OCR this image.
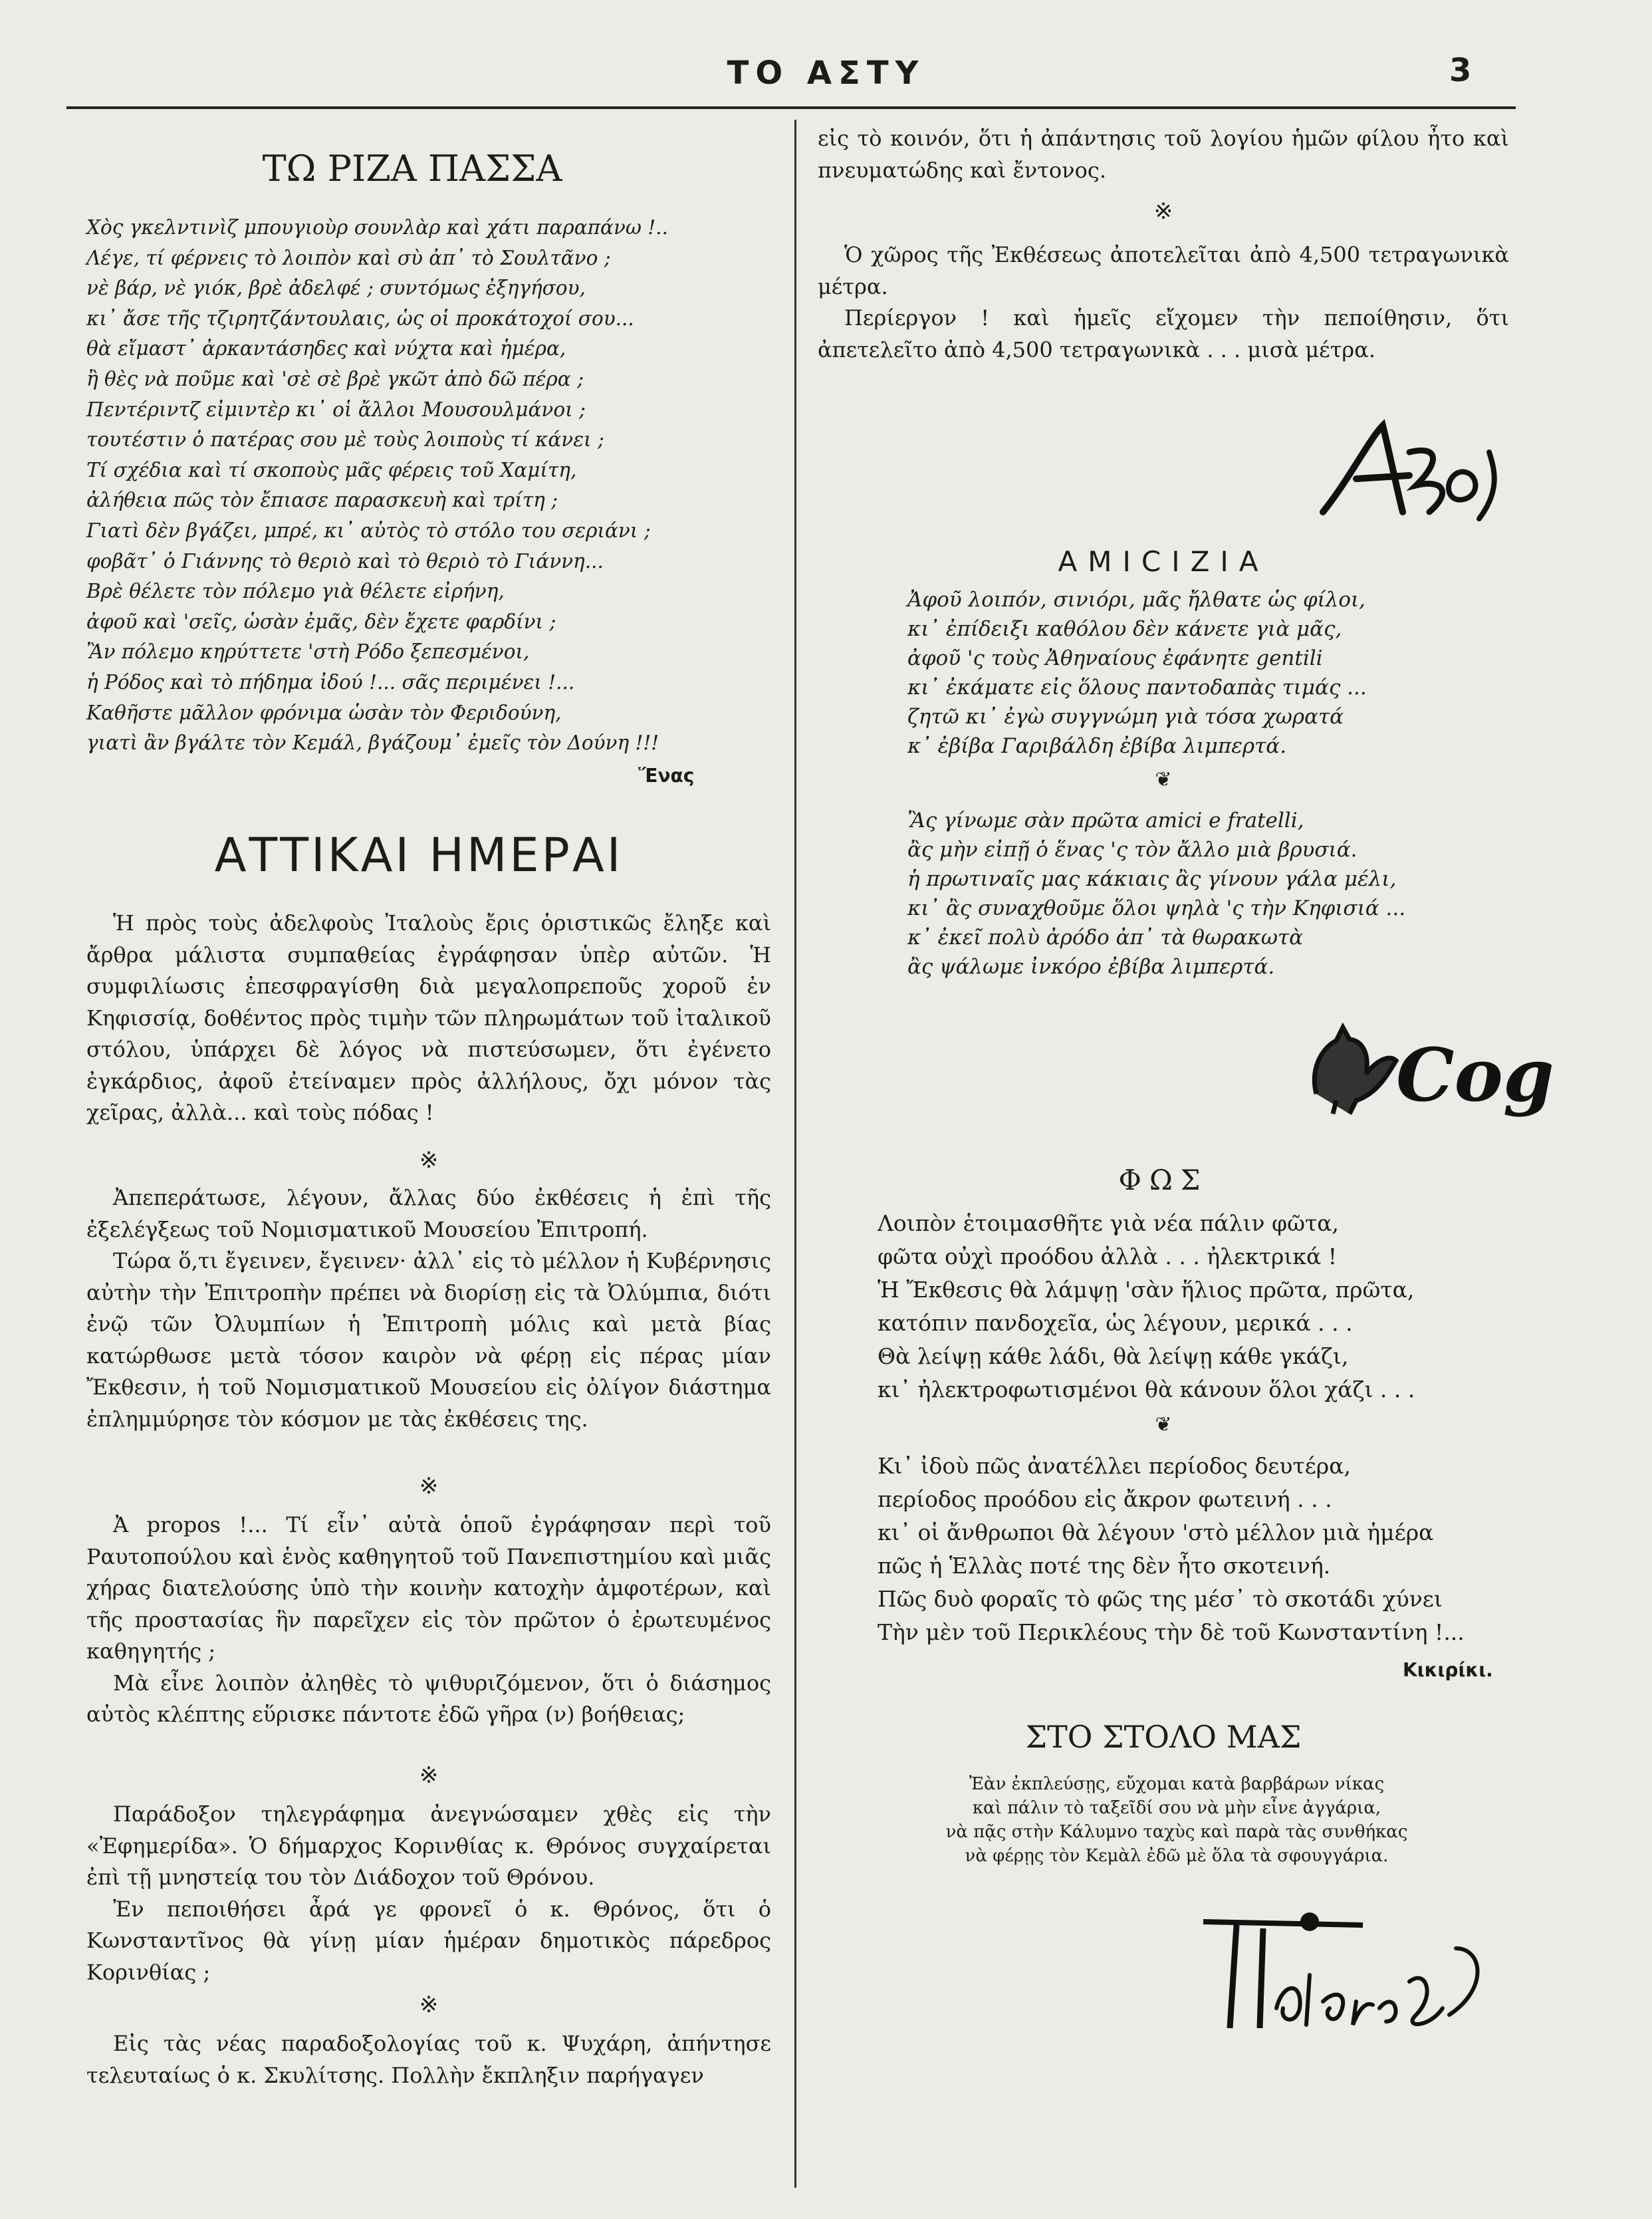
ΤΟ ΑΣΤΥ	3
ΤΩ ΡΙΖΑ ΠΑΣΣΑ
Χὸς γκελντινὶζ μπουγιοὺρ σουνλὰρ καὶ χάτι παραπάνω !..
Λέγε, τί φέρνεις τὸ λοιπὸν καὶ σὺ ἀπ᾽ τὸ Σουλτᾶνο ;
νὲ βάρ, νὲ γιόκ, βρὲ ἀδελφέ ; συντόμως ἐξηγήσου,
κι᾽ ἄσε τῆς τζιρητζάντουλαις, ὡς οἱ προκάτοχοί σου...
θὰ εἴμαστ᾽ ἀρκαντάσηδες καὶ νύχτα καὶ ἡμέρα,
ἢ θὲς νὰ ποῦμε καὶ 'σὲ σὲ βρὲ γκῶτ ἀπὸ δῶ πέρα ;
Πεντέριντζ εἰμιντὲρ κι᾽ οἱ ἄλλοι Μουσουλμάνοι ;
τουτέστιν ὁ πατέρας σου μὲ τοὺς λοιποὺς τί κάνει ;
Τί σχέδια καὶ τί σκοποὺς μᾶς φέρεις τοῦ Χαμίτη,
ἀλήθεια πῶς τὸν ἔπιασε παρασκευὴ καὶ τρίτη ;
Γιατὶ δὲν βγάζει, μπρέ, κι᾽ αὐτὸς τὸ στόλο του σεριάνι ;
φοβᾶτ᾽ ὁ Γιάννης τὸ θεριὸ καὶ τὸ θεριὸ τὸ Γιάννη...
Βρὲ θέλετε τὸν πόλεμο γιὰ θέλετε εἰρήνη,
ἀφοῦ καὶ 'σεῖς, ὡσὰν ἐμᾶς, δὲν ἔχετε φαρδίνι ;
Ἂν πόλεμο κηρύττετε 'στὴ Ρόδο ξεπεσμένοι,
ἡ Ρόδος καὶ τὸ πήδημα ἰδού !... σᾶς περιμένει !...
Καθῆστε μᾶλλον φρόνιμα ὡσὰν τὸν Φεριδούνη,
γιατὶ ἂν βγάλτε τὸν Κεμάλ, βγάζουμ᾽ ἐμεῖς τὸν Δούνη !!!
Ἕνας
ΑΤΤΙΚΑΙ ΗΜΕΡΑΙ

Ἡ πρὸς τοὺς ἀδελφοὺς Ἰταλοὺς ἔρις ὁριστικῶς ἔληξε καὶ ἄρθρα μάλιστα συμπαθείας ἐγράφησαν ὑπὲρ αὐτῶν. Ἡ συμφιλίωσις ἐπεσφραγίσθη διὰ μεγαλοπρεποῦς χοροῦ ἐν Κηφισσίᾳ, δοθέντος πρὸς τιμὴν τῶν πληρωμάτων τοῦ ἰταλικοῦ στόλου, ὑπάρχει δὲ λόγος νὰ πιστεύσωμεν, ὅτι ἐγένετο ἐγκάρδιος, ἀφοῦ ἐτείναμεν πρὸς ἀλλήλους, ὄχι μόνον τὰς χεῖρας, ἀλλὰ... καὶ τοὺς πόδας !

※

Ἀπεπεράτωσε, λέγουν, ἄλλας δύο ἐκθέσεις ἡ ἐπὶ τῆς ἐξελέγξεως τοῦ Νομισματικοῦ Μουσείου Ἐπιτροπή.

Τώρα ὅ,τι ἔγεινεν, ἔγεινεν· ἀλλ᾽ εἰς τὸ μέλλον ἡ Κυβέρνησις αὐτὴν τὴν Ἐπιτροπὴν πρέπει νὰ διορίσῃ εἰς τὰ Ὀλύμπια, διότι ἐνῷ τῶν Ὀλυμπίων ἡ Ἐπιτροπὴ μόλις καὶ μετὰ βίας κατώρθωσε μετὰ τόσον καιρὸν νὰ φέρῃ εἰς πέρας μίαν Ἔκθεσιν, ἡ τοῦ Νομισματικοῦ Μουσείου εἰς ὀλίγον διάστημα ἐπλημμύρησε τὸν κόσμον με τὰς ἐκθέσεις της.

※

Ἀ propos !... Τί εἶν᾽ αὐτὰ ὁποῦ ἐγράφησαν περὶ τοῦ Ραυτοπούλου καὶ ἑνὸς καθηγητοῦ τοῦ Πανεπιστημίου καὶ μιᾶς χήρας διατελούσης ὑπὸ τὴν κοινὴν κατοχὴν ἀμφοτέρων, καὶ τῆς προστασίας ἣν παρεῖχεν εἰς τὸν πρῶτον ὁ ἐρωτευμένος καθηγητής ;

Μὰ εἶνε λοιπὸν ἀληθὲς τὸ ψιθυριζόμενον, ὅτι ὁ διάσημος αὐτὸς κλέπτης εὕρισκε πάντοτε ἐδῶ γῆρα (ν) βοήθειας;

※

Παράδοξον τηλεγράφημα ἀνεγνώσαμεν χθὲς εἰς τὴν «Ἐφημερίδα». Ὁ δήμαρχος Κορινθίας κ. Θρόνος συγχαίρεται ἐπὶ τῇ μνηστείᾳ του τὸν Διάδοχον τοῦ Θρόνου.

Ἐν πεποιθήσει ἆρά γε φρονεῖ ὁ κ. Θρόνος, ὅτι ὁ Κωνσταντῖνος θὰ γίνῃ μίαν ἡμέραν δημοτικὸς πάρεδρος Κορινθίας ;

※

Εἰς τὰς νέας παραδοξολογίας τοῦ κ. Ψυχάρη, ἀπήντησε τελευταίως ὁ κ. Σκυλίτσης. Πολλὴν ἔκπληξιν παρήγαγεν

εἰς τὸ κοινόν, ὅτι ἡ ἀπάντησις τοῦ λογίου ἡμῶν φίλου ἦτο καὶ πνευματώδης καὶ ἔντονος.

※

Ὁ χῶρος τῆς Ἐκθέσεως ἀποτελεῖται ἀπὸ 4,500 τετραγωνικὰ μέτρα.

Περίεργον ! καὶ ἡμεῖς εἴχομεν τὴν πεποίθησιν, ὅτι ἀπετελεῖτο ἀπὸ 4,500 τετραγωνικὰ . . . μισὰ μέτρα.

AMICIZIA
Ἀφοῦ λοιπόν, σινιόρι, μᾶς ἤλθατε ὡς φίλοι,
κι᾽ ἐπίδειξι καθόλου δὲν κάνετε γιὰ μᾶς,
ἀφοῦ 'ς τοὺς Ἀθηναίους ἐφάνητε gentili
κι᾽ ἐκάματε εἰς ὅλους παντοδαπὰς τιμάς ...
ζητῶ κι᾽ ἐγὼ συγγνώμη γιὰ τόσα χωρατά
κ᾽ ἐβίβα Γαριβάλδη ἐβίβα λιμπερτά.
❦
Ἂς γίνωμε σὰν πρῶτα amici e fratelli,
ἂς μὴν εἰπῇ ὁ ἕνας 'ς τὸν ἄλλο μιὰ βρυσιά.
ἡ πρωτιναῖς μας κάκιαις ἂς γίνουν γάλα μέλι,
κι᾽ ἂς συναχθοῦμε ὅλοι ψηλὰ 'ς τὴν Κηφισιά ...
κ᾽ ἐκεῖ πολὺ ἀρόδο ἀπ᾽ τὰ θωρακωτὰ
ἂς ψάλωμε ἰνκόρο ἐβίβα λιμπερτά.
Cog
ΦΩΣ
Λοιπὸν ἑτοιμασθῆτε γιὰ νέα πάλιν φῶτα,
φῶτα οὐχὶ προόδου ἀλλὰ . . . ἠλεκτρικά !
Ἡ Ἔκθεσις θὰ λάμψῃ 'σὰν ἥλιος πρῶτα, πρῶτα,
κατόπιν πανδοχεῖα, ὡς λέγουν, μερικά . . .
Θὰ λείψῃ κάθε λάδι, θὰ λείψῃ κάθε γκάζι,
κι᾽ ἠλεκτροφωτισμένοι θὰ κάνουν ὅλοι χάζι . . .
❦
Κι᾽ ἰδοὺ πῶς ἀνατέλλει περίοδος δευτέρα,
περίοδος προόδου εἰς ἄκρον φωτεινή . . .
κι᾽ οἱ ἄνθρωποι θὰ λέγουν 'στὸ μέλλον μιὰ ἡμέρα
πῶς ἡ Ἑλλὰς ποτέ της δὲν ἦτο σκοτεινή.
Πῶς δυὸ φοραῖς τὸ φῶς της μέσ᾽ τὸ σκοτάδι χύνει
Τὴν μὲν τοῦ Περικλέους τὴν δὲ τοῦ Κωνσταντίνη !...
Κικιρίκι.
ΣΤΟ ΣΤΟΛΟ ΜΑΣ
Ἐὰν ἐκπλεύσῃς, εὔχομαι κατὰ βαρβάρων νίκας
καὶ πάλιν τὸ ταξεῖδί σου νὰ μὴν εἶνε ἀγγάρια,
νὰ πᾷς στὴν Κάλυμνο ταχὺς καὶ παρὰ τὰς συνθήκας
νὰ φέρῃς τὸν Κεμὰλ ἐδῶ μὲ ὅλα τὰ σφουγγάρια.
